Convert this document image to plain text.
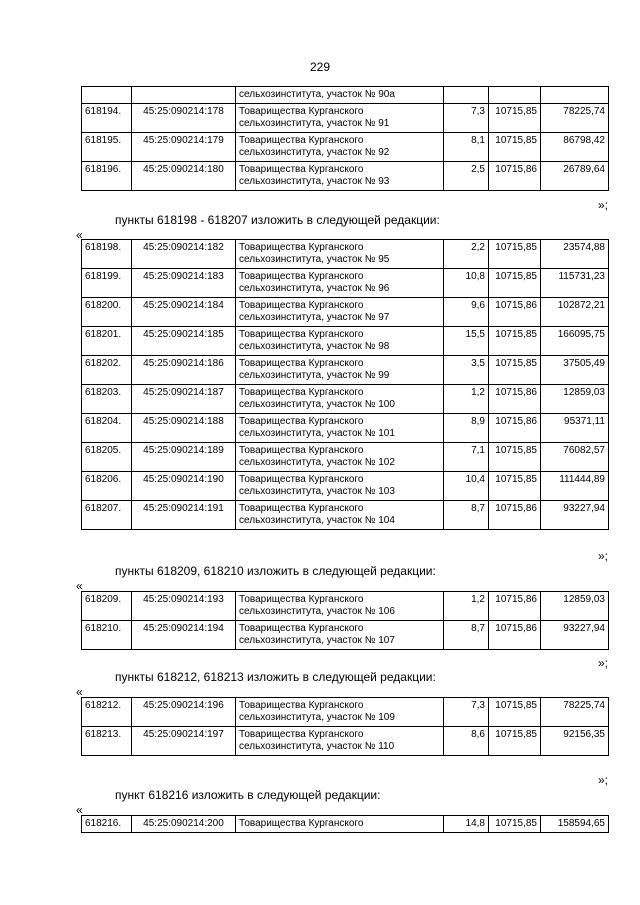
229
		сельхозинститута, участок № 90а			
618194.	45:25:090214:178	Товарищества Курганского сельхозинститута, участок № 91	7,3	10715,85	78225,74
618195.	45:25:090214:179	Товарищества Курганского сельхозинститута, участок № 92	8,1	10715,85	86798,42
618196.	45:25:090214:180	Товарищества Курганского сельхозинститута, участок № 93	2,5	10715,86	26789,64
»;
пункты 618198 - 618207 изложить в следующей редакции:
«
618198.	45:25:090214:182	Товарищества Курганского сельхозинститута, участок № 95	2,2	10715,85	23574,88
618199.	45:25:090214:183	Товарищества Курганского сельхозинститута, участок № 96	10,8	10715,85	115731,23
618200.	45:25:090214:184	Товарищества Курганского сельхозинститута, участок № 97	9,6	10715,86	102872,21
618201.	45:25:090214:185	Товарищества Курганского сельхозинститута, участок № 98	15,5	10715,85	166095,75
618202.	45:25:090214:186	Товарищества Курганского сельхозинститута, участок № 99	3,5	10715,85	37505,49
618203.	45:25:090214:187	Товарищества Курганского сельхозинститута, участок № 100	1,2	10715,86	12859,03
618204.	45:25:090214:188	Товарищества Курганского сельхозинститута, участок № 101	8,9	10715,86	95371,11
618205.	45:25:090214:189	Товарищества Курганского сельхозинститута, участок № 102	7,1	10715,85	76082,57
618206.	45:25:090214:190	Товарищества Курганского сельхозинститута, участок № 103	10,4	10715,85	111444,89
618207.	45:25:090214:191	Товарищества Курганского сельхозинститута, участок № 104	8,7	10715,86	93227,94
»;
пункты 618209, 618210 изложить в следующей редакции:
«
618209.	45:25:090214:193	Товарищества Курганского сельхозинститута, участок № 106	1,2	10715,86	12859,03
618210.	45:25:090214:194	Товарищества Курганского сельхозинститута, участок № 107	8,7	10715,86	93227,94
»;
пункты 618212, 618213 изложить в следующей редакции:
«
618212.	45:25:090214:196	Товарищества Курганского сельхозинститута, участок № 109	7,3	10715,85	78225,74
618213.	45:25:090214:197	Товарищества Курганского сельхозинститута, участок № 110	8,6	10715,85	92156,35
»;
пункт 618216 изложить в следующей редакции:
«
618216.	45:25:090214:200	Товарищества Курганского	14,8	10715,85	158594,65
